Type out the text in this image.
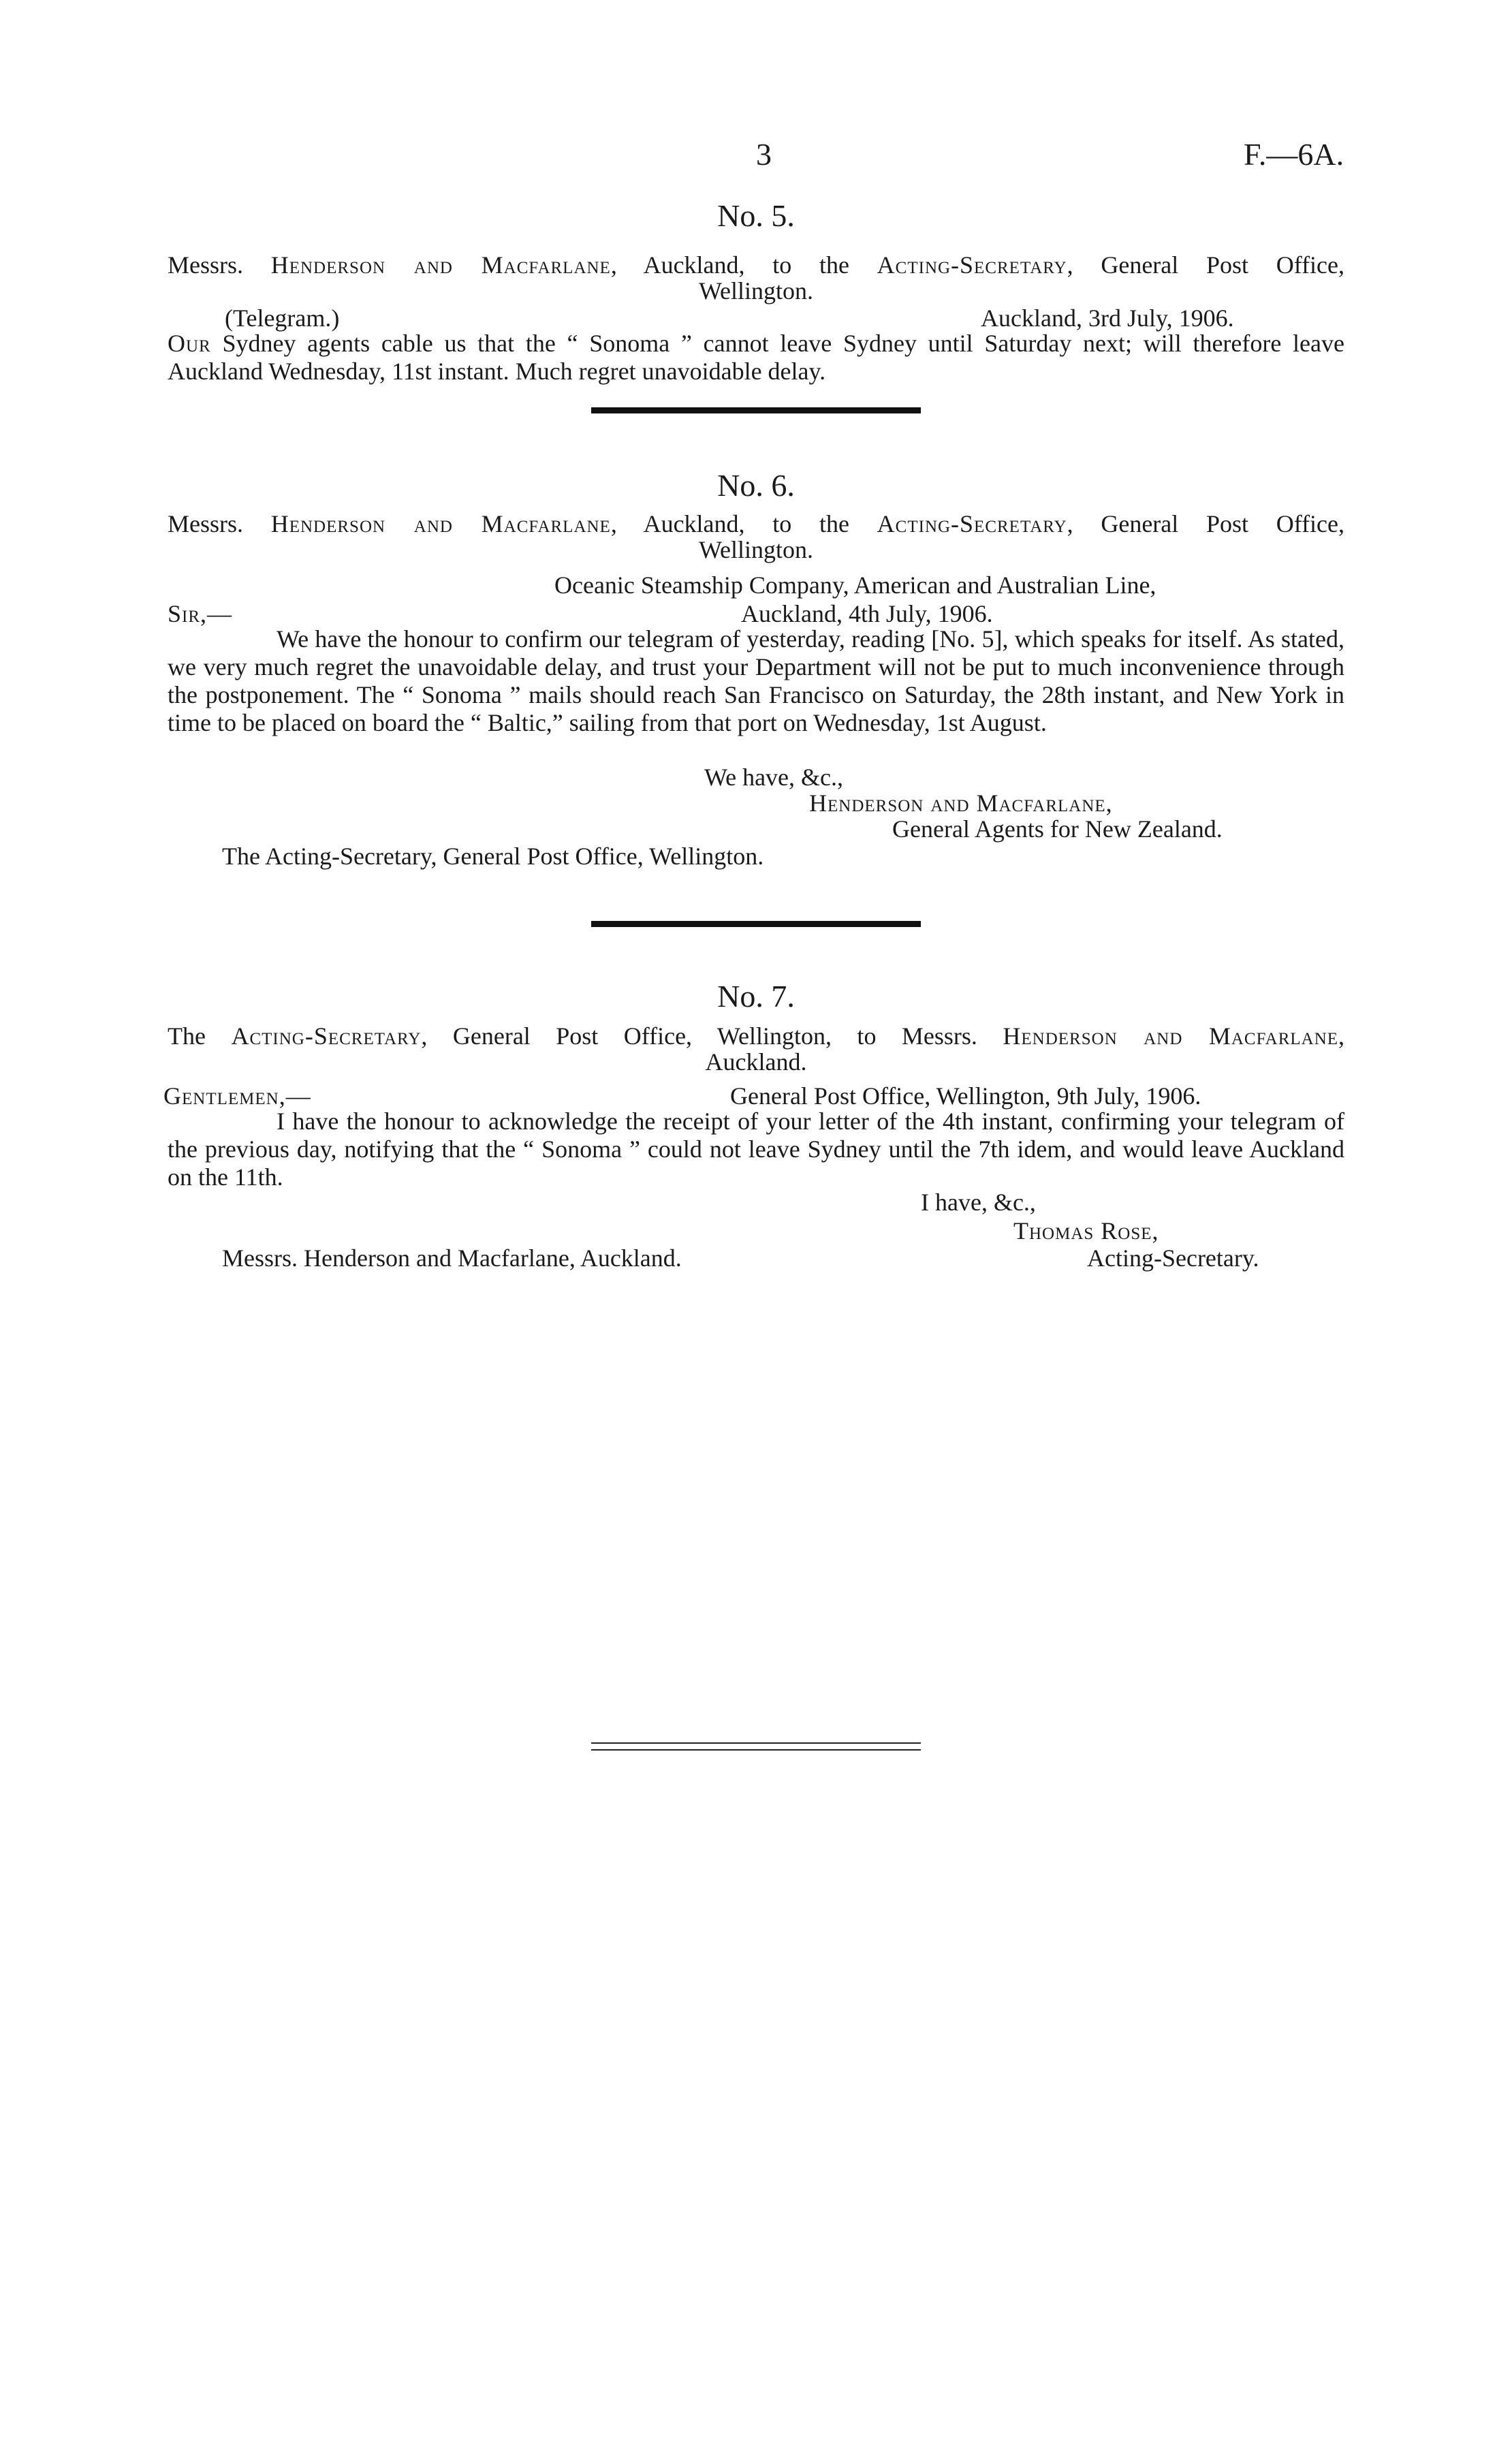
3	F.—6A.
No. 5.
Messrs. Henderson and Macfarlane, Auckland, to the Acting-Secretary, General Post Office,
Wellington.
(Telegram.)	Auckland, 3rd July, 1906.
Our Sydney agents cable us that the “ Sonoma ” cannot leave Sydney until Saturday next; will therefore leave Auckland Wednesday, 11st instant. Much regret unavoidable delay.
No. 6.
Messrs. Henderson and Macfarlane, Auckland, to the Acting-Secretary, General Post Office,
Wellington.
Oceanic Steamship Company, American and Australian Line,
Sir,—	Auckland, 4th July, 1906.
We have the honour to confirm our telegram of yesterday, reading [No. 5], which speaks for itself. As stated, we very much regret the unavoidable delay, and trust your Department will not be put to much inconvenience through the postponement. The “ Sonoma ” mails should reach San Francisco on Saturday, the 28th instant, and New York in time to be placed on board the “ Baltic,” sailing from that port on Wednesday, 1st August.
We have, &c.,
Henderson and Macfarlane,
General Agents for New Zealand.
The Acting-Secretary, General Post Office, Wellington.
No. 7.
The Acting-Secretary, General Post Office, Wellington, to Messrs. Henderson and Macfarlane,
Auckland.
Gentlemen,—	General Post Office, Wellington, 9th July, 1906.
I have the honour to acknowledge the receipt of your letter of the 4th instant, confirming your telegram of the previous day, notifying that the “ Sonoma ” could not leave Sydney until the 7th idem, and would leave Auckland on the 11th.
I have, &c.,
Thomas Rose,
Messrs. Henderson and Macfarlane, Auckland.	Acting-Secretary.
